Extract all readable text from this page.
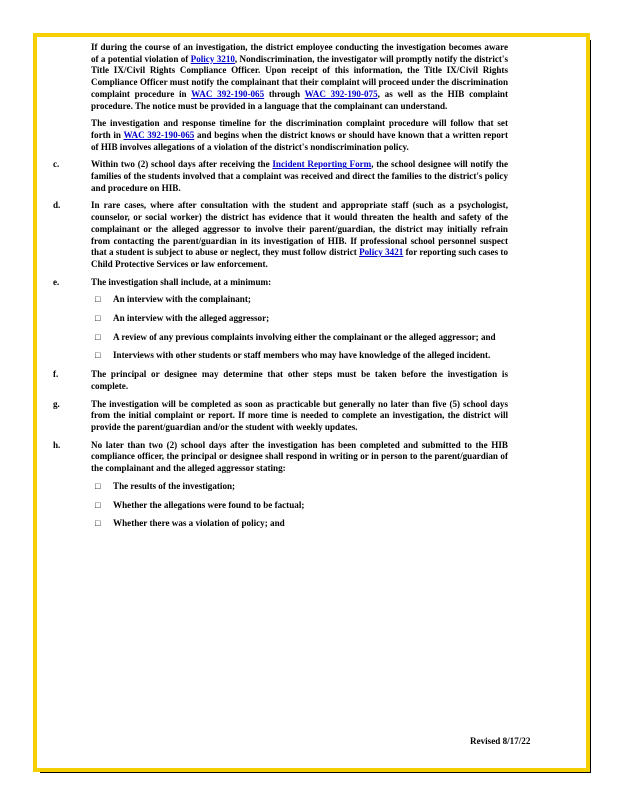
If during the course of an investigation, the district employee conducting the investigation becomes aware of a potential violation of Policy 3210, Nondiscrimination, the investigator will promptly notify the district's Title IX/Civil Rights Compliance Officer. Upon receipt of this information, the Title IX/Civil Rights Compliance Officer must notify the complainant that their complaint will proceed under the discrimination complaint procedure in WAC 392-190-065 through WAC 392-190-075, as well as the HIB complaint procedure. The notice must be provided in a language that the complainant can understand.

The investigation and response timeline for the discrimination complaint procedure will follow that set forth in WAC 392-190-065 and begins when the district knows or should have known that a written report of HIB involves allegations of a violation of the district's nondiscrimination policy.

c.	Within two (2) school days after receiving the Incident Reporting Form, the school designee will notify the families of the students involved that a complaint was received and direct the families to the district's policy and procedure on HIB.
d.	In rare cases, where after consultation with the student and appropriate staff (such as a psychologist, counselor, or social worker) the district has evidence that it would threaten the health and safety of the complainant or the alleged aggressor to involve their parent/guardian, the district may initially refrain from contacting the parent/guardian in its investigation of HIB. If professional school personnel suspect that a student is subject to abuse or neglect, they must follow district Policy 3421 for reporting such cases to Child Protective Services or law enforcement.
e.	The investigation shall include, at a minimum:
□ An interview with the complainant;
□ An interview with the alleged aggressor;
□ A review of any previous complaints involving either the complainant or the alleged aggressor; and
□ Interviews with other students or staff members who may have knowledge of the alleged incident.
f.	The principal or designee may determine that other steps must be taken before the investigation is complete.
g.	The investigation will be completed as soon as practicable but generally no later than five (5) school days from the initial complaint or report. If more time is needed to complete an investigation, the district will provide the parent/guardian and/or the student with weekly updates.
h.	No later than two (2) school days after the investigation has been completed and submitted to the HIB compliance officer, the principal or designee shall respond in writing or in person to the parent/guardian of the complainant and the alleged aggressor stating:
□ The results of the investigation;
□ Whether the allegations were found to be factual;
□ Whether there was a violation of policy; and
Revised 8/17/22
